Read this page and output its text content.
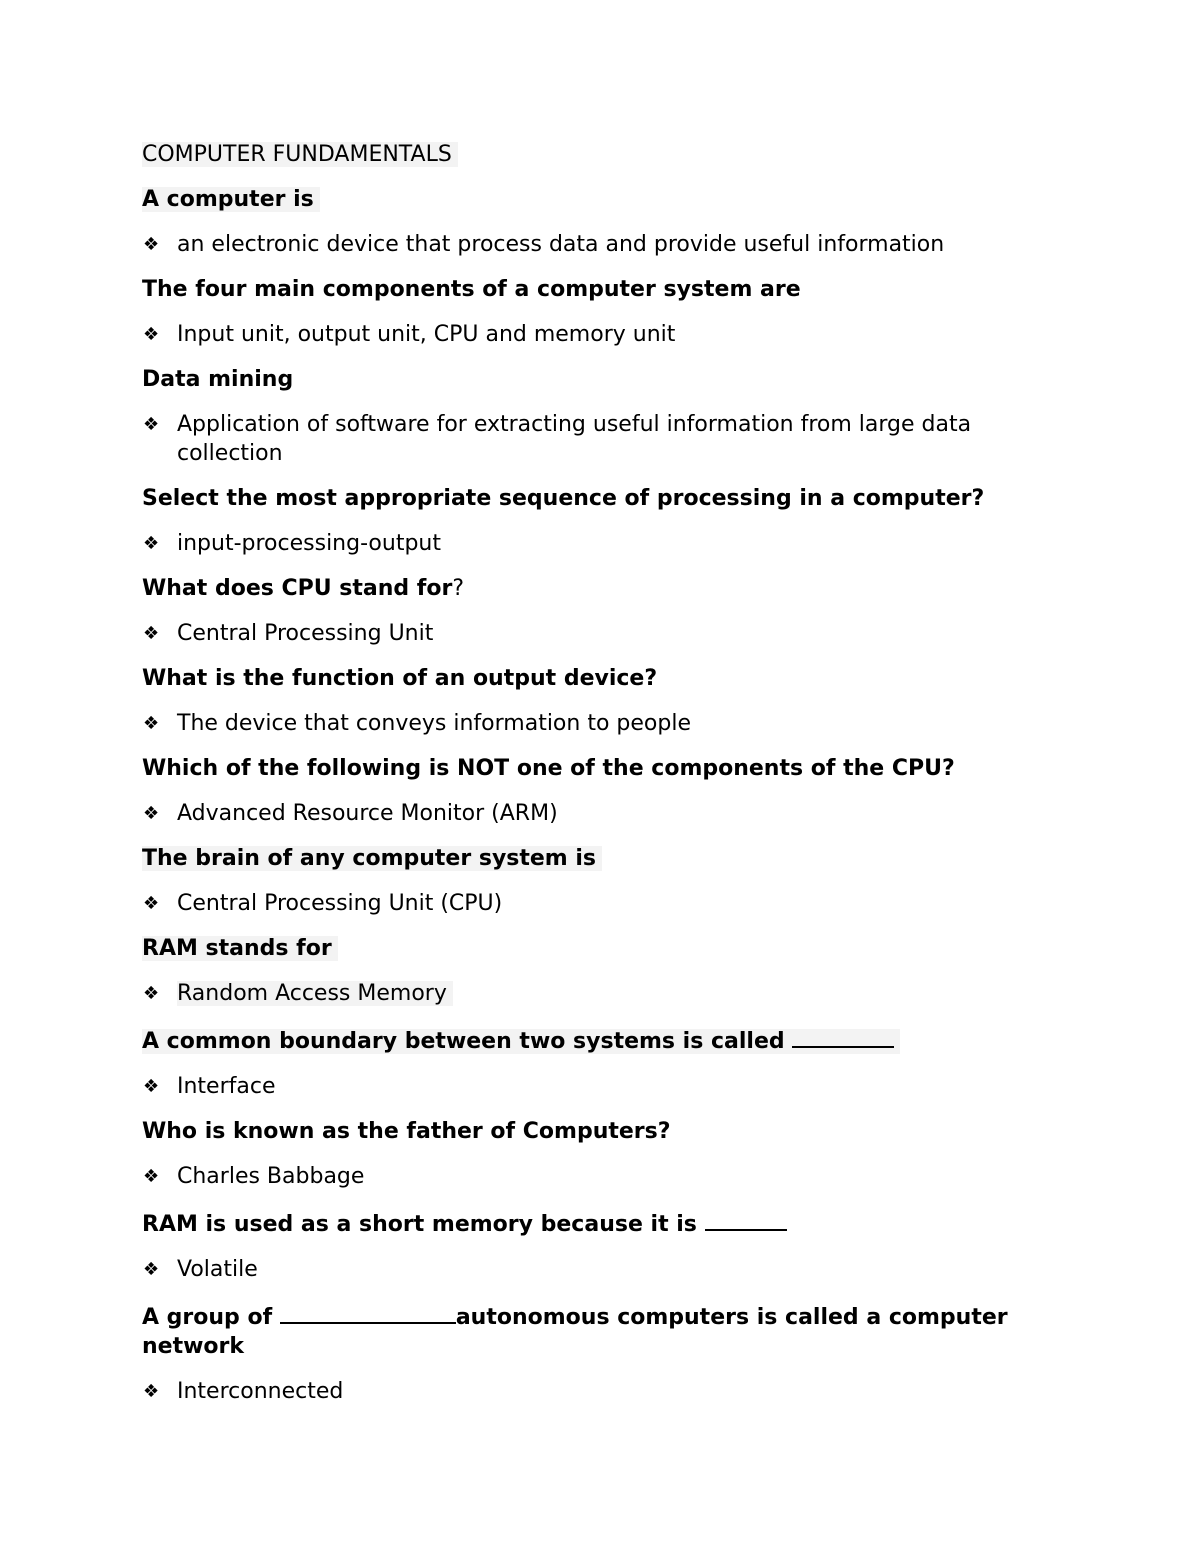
COMPUTER FUNDAMENTALS
A computer is
❖ an electronic device that process data and provide useful information
The four main components of a computer system are
❖ Input unit, output unit, CPU and memory unit
Data mining
❖ Application of software for extracting useful information from large data collection
Select the most appropriate sequence of processing in a computer?
❖ input-processing-output
What does CPU stand for?
❖ Central Processing Unit
What is the function of an output device?
❖ The device that conveys information to people
Which of the following is NOT one of the components of the CPU?
❖ Advanced Resource Monitor (ARM)
The brain of any computer system is
❖ Central Processing Unit (CPU)
RAM stands for
❖ Random Access Memory
A common boundary between two systems is called
❖ Interface
Who is known as the father of Computers?
❖ Charles Babbage
RAM is used as a short memory because it is
❖ Volatile
A group of	autonomous computers is called a computer network
❖ Interconnected
